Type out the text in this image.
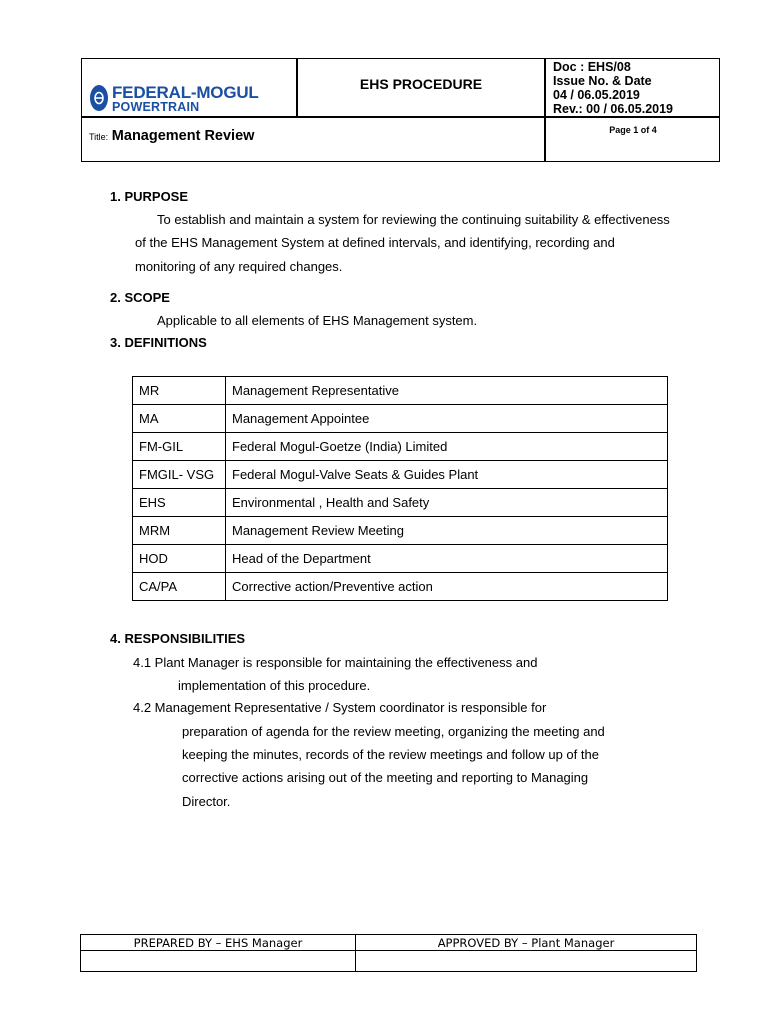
FEDERAL-MOGUL
POWERTRAIN
EHS PROCEDURE
Doc : EHS/08
Issue No. & Date
04 / 06.05.2019
Rev.: 00 / 06.05.2019
Title: Management Review	Page 1 of 4
1. PURPOSE
To establish and maintain a system for reviewing the continuing suitability & effectiveness
of the EHS Management System at defined intervals, and identifying, recording and
monitoring of any required changes.
2. SCOPE
Applicable to all elements of EHS Management system.
3. DEFINITIONS
MR	Management Representative
MA	Management Appointee
FM-GIL	Federal Mogul-Goetze (India) Limited
FMGIL- VSG	Federal Mogul-Valve Seats & Guides Plant
EHS	Environmental , Health and Safety
MRM	Management Review Meeting
HOD	Head of the Department
CA/PA	Corrective action/Preventive action
4. RESPONSIBILITIES
4.1 Plant Manager is responsible for maintaining the effectiveness and
implementation of this procedure.
4.2 Management Representative / System coordinator is responsible for
preparation of agenda for the review meeting, organizing the meeting and
keeping the minutes, records of the review meetings and follow up of the
corrective actions arising out of the meeting and reporting to Managing
Director.
PREPARED BY – EHS Manager	APPROVED BY – Plant Manager
